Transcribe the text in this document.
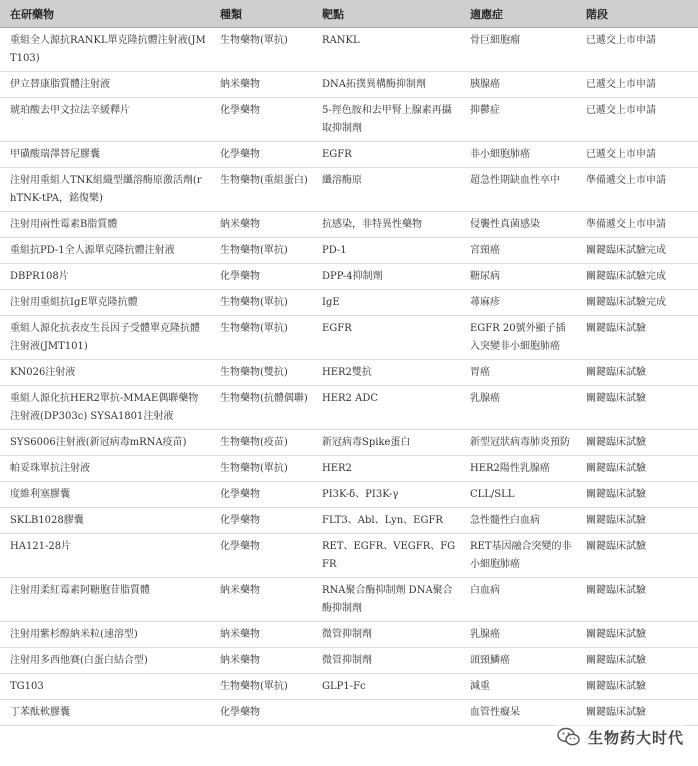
在研藥物	種類	靶點	適應症	階段
重組全人源抗RANKL單克隆抗體注射液(JMT103)	生物藥物(單抗)	RANKL	骨巨細胞瘤	已遞交上市申請
伊立替康脂質體注射液	納米藥物	DNA拓撲異構酶抑制劑	胰腺癌	已遞交上市申請
琥珀酸去甲文拉法辛緩釋片	化學藥物	5-羥色胺和去甲腎上腺素再攝取抑制劑	抑鬱症	已遞交上市申請
甲磺酸瑞澤替尼膠囊	化學藥物	EGFR	非小細胞肺癌	已遞交上市申請
注射用重組人TNK組織型纖溶酶原激活劑(rhTNK-tPA，銘復樂)	生物藥物(重組蛋白)	纖溶酶原	超急性期缺血性卒中	準備遞交上市申請
注射用兩性霉素B脂質體	納米藥物	抗感染，非特異性藥物	侵襲性真菌感染	準備遞交上市申請
重組抗PD-1全人源單克隆抗體注射液	生物藥物(單抗)	PD-1	宮頸癌	關鍵臨床試驗完成
DBPR108片	化學藥物	DPP-4抑制劑	糖尿病	關鍵臨床試驗完成
注射用重組抗IgE單克隆抗體	生物藥物(單抗)	IgE	蕁麻疹	關鍵臨床試驗完成
重組人源化抗表皮生長因子受體單克隆抗體注射液(JMT101)	生物藥物(單抗)	EGFR	EGFR 20號外顯子插入突變非小細胞肺癌	關鍵臨床試驗
KN026注射液	生物藥物(雙抗)	HER2雙抗	胃癌	關鍵臨床試驗
重組人源化抗HER2單抗-MMAE偶聯藥物注射液(DP303c) SYSA1801注射液	生物藥物(抗體偶聯)	HER2 ADC	乳腺癌	關鍵臨床試驗
SYS6006注射液(新冠病毒mRNA疫苗)	生物藥物(疫苗)	新冠病毒Spike蛋白	新型冠狀病毒肺炎預防	關鍵臨床試驗
帕妥珠單抗注射液	生物藥物(單抗)	HER2	HER2陽性乳腺癌	關鍵臨床試驗
度維利塞膠囊	化學藥物	PI3K-δ、PI3K-γ	CLL/SLL	關鍵臨床試驗
SKLB1028膠囊	化學藥物	FLT3、Abl、Lyn、EGFR	急性髓性白血病	關鍵臨床試驗
HA121-28片	化學藥物	RET、EGFR、VEGFR、FGFR	RET基因融合突變的非小細胞肺癌	關鍵臨床試驗
注射用柔紅霉素阿糖胞苷脂質體	納米藥物	RNA聚合酶抑制劑 DNA聚合酶抑制劑	白血病	關鍵臨床試驗
注射用紫杉醇納米粒(速溶型)	納米藥物	微管抑制劑	乳腺癌	關鍵臨床試驗
注射用多西他賽(白蛋白結合型)	納米藥物	微管抑制劑	頭頸鱗癌	關鍵臨床試驗
TG103	生物藥物(單抗)	GLP1-Fc	減重	關鍵臨床試驗
丁苯酞軟膠囊	化學藥物		血管性癡呆	關鍵臨床試驗
生物药大时代
